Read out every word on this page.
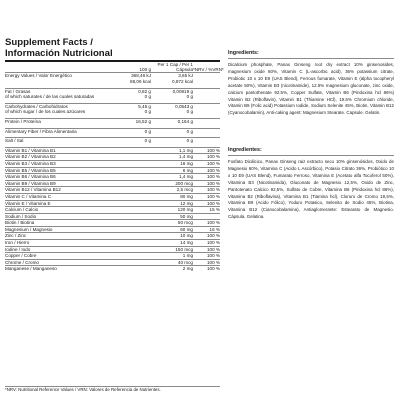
Supplement Facts /
Información Nutricional
	100 g	Per 1 Cap / Per 1 Cápsula	*NRV / %VRN*
Energy Values / Valor Energético	368,46 kJ	3,65 kJ	
	88,06 kcal	0,872 kcal	

Fat / Grasas	0,82 g	0,00819 g	
of which saturates / de las cuales saturadas	0 g	0 g	

Carbohydrates / Carbohidratos	5,45 g	0,0543 g	
of which sugar / de los cuales azúcares	0 g	0 g	

Protein / Proteína	16,52 g	0,164 g	

Alimentary Fiber / Fibra Alimentaria	0 g	0 g	

Salt / Sal	0 g	0 g	

Vitamin B1 / Vitamina B1		1,1 mg	100 %
Vitamin B2 / Vitamina B2		1,4 mg	100 %
Vitamin B3 / Vitamina B3		16 mg	100 %
Vitamin B5 / Vitamina B5		6 mg	100 %
Vitamin B6 / Vitamina B6		1,4 mg	100 %
Vitamin B9 / Vitamina B9		200 mcg	100 %
Vitamin B12 / Vitamina B12		2,5 mcg	100 %
Vitamin C / Vitamina C		80 mg	100 %
Vitamin E / Vitamina E		12 mg	100 %
Calcium / Calcio		120 mg	15 %
Sodium / Sodio		50 mg	
Biotin / Biotina		50 mcg	100 %
Magnesium / Magnesio		60 mg	16 %
Zinc / Zinc		10 mg	100 %
Iron / Hierro		14 mg	100 %
Iodine / Iodo		150 mcg	100 %
Copper / Cobre		1 mg	100 %
Chrome / Cromo		40 mcg	100 %
Manganese / Manganeso		2 mg	100 %
*NRV: Nutritional Reference Values / VRN: Valores de Referencia de Nutrientes.
Ingredients:
Dicalcium phosphate, Panax Ginseng root dry extract 10% ginsenosides, magnesium oxide 60%, Vitamin C (L-ascorbic acid), 36% potassium citrate, Probiotic 10 x 10 E9 (UAS Blend), Ferrous fumarate, Vitamin E (alpha tocopheryl acetate 50%), Vitamin B3 (nicotinamide), 12.5% magnesium gluconate, zinc oxide, calcium pantothenate 92.5%, Copper Sulfate, Vitamin B6 (Piridoxina hcl 86%) Vitamin B2 (Riboflavin), Vitamin B1 (Thiamine HCl), 19.5% Chromium chloride, Vitamin B9 (Folic acid) Potassium Iodide, Sodium Selenite 45%, Biotin, Vitamin B12 (Cyanocobalamin), Anti-caking agent: Magnesium Stearate. Capsule. Gelatin.
Ingredientes:
Fosfato Dicálcico, Panax Ginseng raiz extracto seco 10% ginsenósidos, Oxido de Magnesio 60%, Vitamina C (Acido L Ascórbico), Potasio Citrato 36%, Probiótico 10 x 10 E9 (UAS Blend), Fumarato Ferroso, Vitamina E (Acetato alfa Tocoferol 50%), Vitamina B3 (Nicotinamida), Gluconato de Magnesio 12,5%, Oxido de Zinc, Pantotenato Calcico 92,5%, Sulfato de Cobre, Vitamina B6 (Piridoxina hcl 86%), Vitamina B2 (Riboflavina), Vitamina B1 (Tiamina hcl), Cloruro de Cromo 19,5%, Vitamina B9 (Acido Fólico), Yoduro Potasico, Selenito de Sodio 45%, Biotina, Vitamina B12 (Cianocobalamina), Antiaglomerante: Estearato de Magnesio. Cápsula. Gelatina.
